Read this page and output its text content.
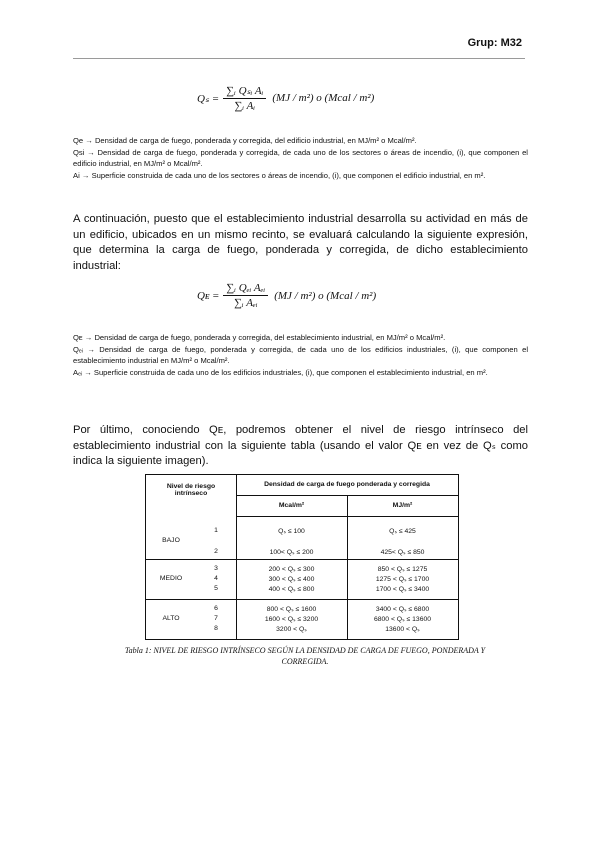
Grup: M32
$Q_s = \frac{\text{∑ᵢ Qₛᵢ Aᵢ}}{\text{∑ᵢ Aᵢ}} (MJ / m^2)$ o (Mcal / m²)

Qe → Densidad de carga de fuego, ponderada y corregida, del edificio industrial, en MJ/m² o Mcal/m².

Qsi → Densidad de carga de fuego, ponderada y corregida, de cada uno de los sectores o áreas de incendio, (i), que componen el edificio industrial, en MJ/m² o Mcal/m².

Ai → Superficie construida de cada uno de los sectores o áreas de incendio, (i), que componen el edificio industrial, en m².

A continuación, puesto que el establecimiento industrial desarrolla su actividad en más de un edificio, ubicados en un mismo recinto, se evaluará calculando la siguiente expresión, que determina la carga de fuego, ponderada y corregida, de dicho establecimiento industrial:
Qᴇ = $\frac{\text{∑ᵢ Qₑᵢ Aₑᵢ}}{\text{∑ᵢ Aₑᵢ}} (MJ / m^2)$ o (Mcal / m²)

Qᴇ → Densidad de carga de fuego, ponderada y corregida, del establecimiento industrial, en MJ/m² o Mcal/m².

Qₑᵢ → Densidad de carga de fuego, ponderada y corregida, de cada uno de los edificios industriales, (i), que componen el establecimiento industrial en MJ/m² o Mcal/m².

Aₑᵢ → Superficie construida de cada uno de los edificios industriales, (i), que componen el establecimiento industrial, en m².

Por último, conociendo Qᴇ, podremos obtener el nivel de riesgo intrínseco del establecimiento industrial con la siguiente tabla (usando el valor Qᴇ en vez de Qₛ como indica la siguiente imagen).
Nivel de riesgo intrínseco
Densidad de carga de fuego ponderada y corregida
Mcal/m²	MJ/m²
BAJO
1
2
Qₛ ≤ 100
100< Qₛ ≤ 200
Qₛ ≤ 425
425< Qₛ ≤ 850
MEDIO
3
4
5
200 < Qₛ ≤ 300
300 < Qₛ ≤ 400
400 < Qₛ ≤ 800
850 < Qₛ ≤ 1275
1275 < Qₛ ≤ 1700
1700 < Qₛ ≤ 3400
ALTO
6
7
8
800 < Qₛ ≤ 1600
1600 < Qₛ ≤ 3200
3200 < Qₛ
3400 < Qₛ ≤ 6800
6800 < Qₛ ≤ 13600
13600 < Qₛ
Tabla 1: NIVEL DE RIESGO INTRÍNSECO SEGÚN LA DENSIDAD DE CARGA DE FUEGO, PONDERADA Y CORREGIDA.
